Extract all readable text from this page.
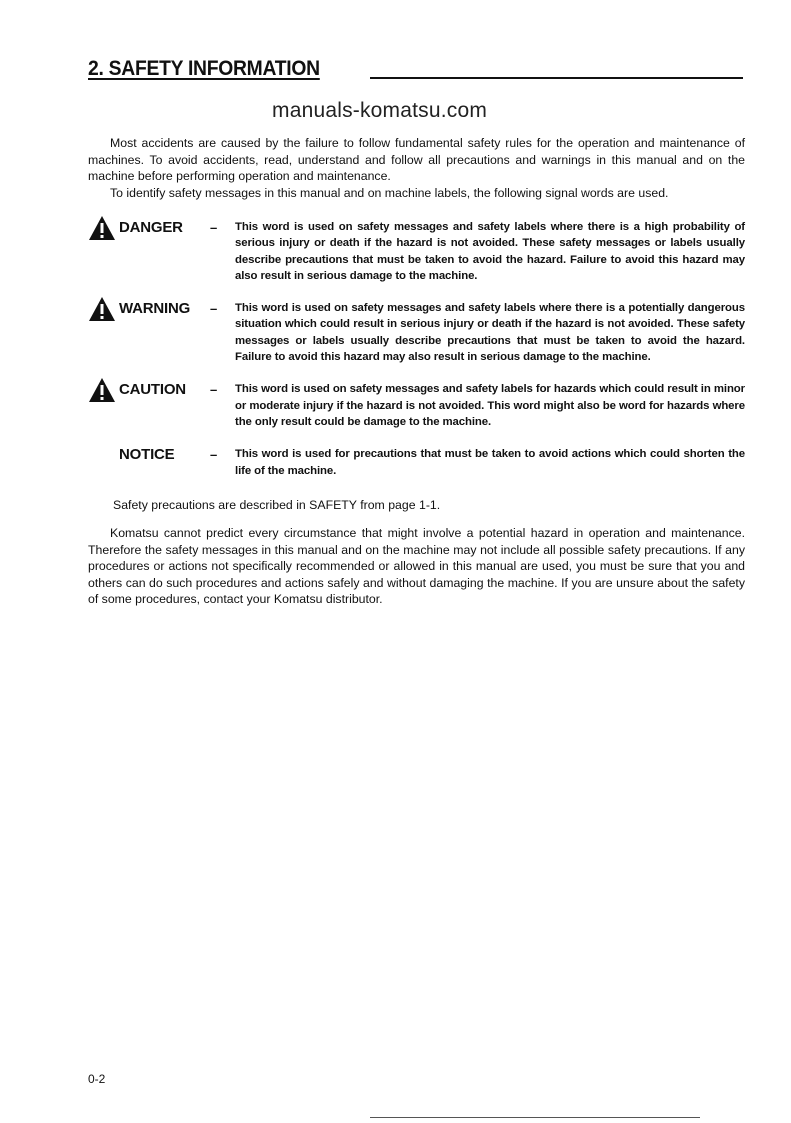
2. SAFETY INFORMATION
manuals-komatsu.com

Most accidents are caused by the failure to follow fundamental safety rules for the operation and maintenance of machines. To avoid accidents, read, understand and follow all precautions and warnings in this manual and on the machine before performing operation and maintenance.

To identify safety messages in this manual and on machine labels, the following signal words are used.

DANGER – This word is used on safety messages and safety labels where there is a high probability of serious injury or death if the hazard is not avoided. These safety messages or labels usually describe precautions that must be taken to avoid the hazard. Failure to avoid this hazard may also result in serious damage to the machine.
WARNING – This word is used on safety messages and safety labels where there is a potentially dangerous situation which could result in serious injury or death if the hazard is not avoided. These safety messages or labels usually describe precautions that must be taken to avoid the hazard. Failure to avoid this hazard may also result in serious damage to the machine.
CAUTION – This word is used on safety messages and safety labels for hazards which could result in minor or moderate injury if the hazard is not avoided. This word might also be word for hazards where the only result could be damage to the machine.
NOTICE	– This word is used for precautions that must be taken to avoid actions which could shorten the life of the machine.
Safety precautions are described in SAFETY from page 1-1.

Komatsu cannot predict every circumstance that might involve a potential hazard in operation and maintenance. Therefore the safety messages in this manual and on the machine may not include all possible safety precautions. If any procedures or actions not specifically recommended or allowed in this manual are used, you must be sure that you and others can do such procedures and actions safely and without damaging the machine. If you are unsure about the safety of some procedures, contact your Komatsu distributor.

0-2
